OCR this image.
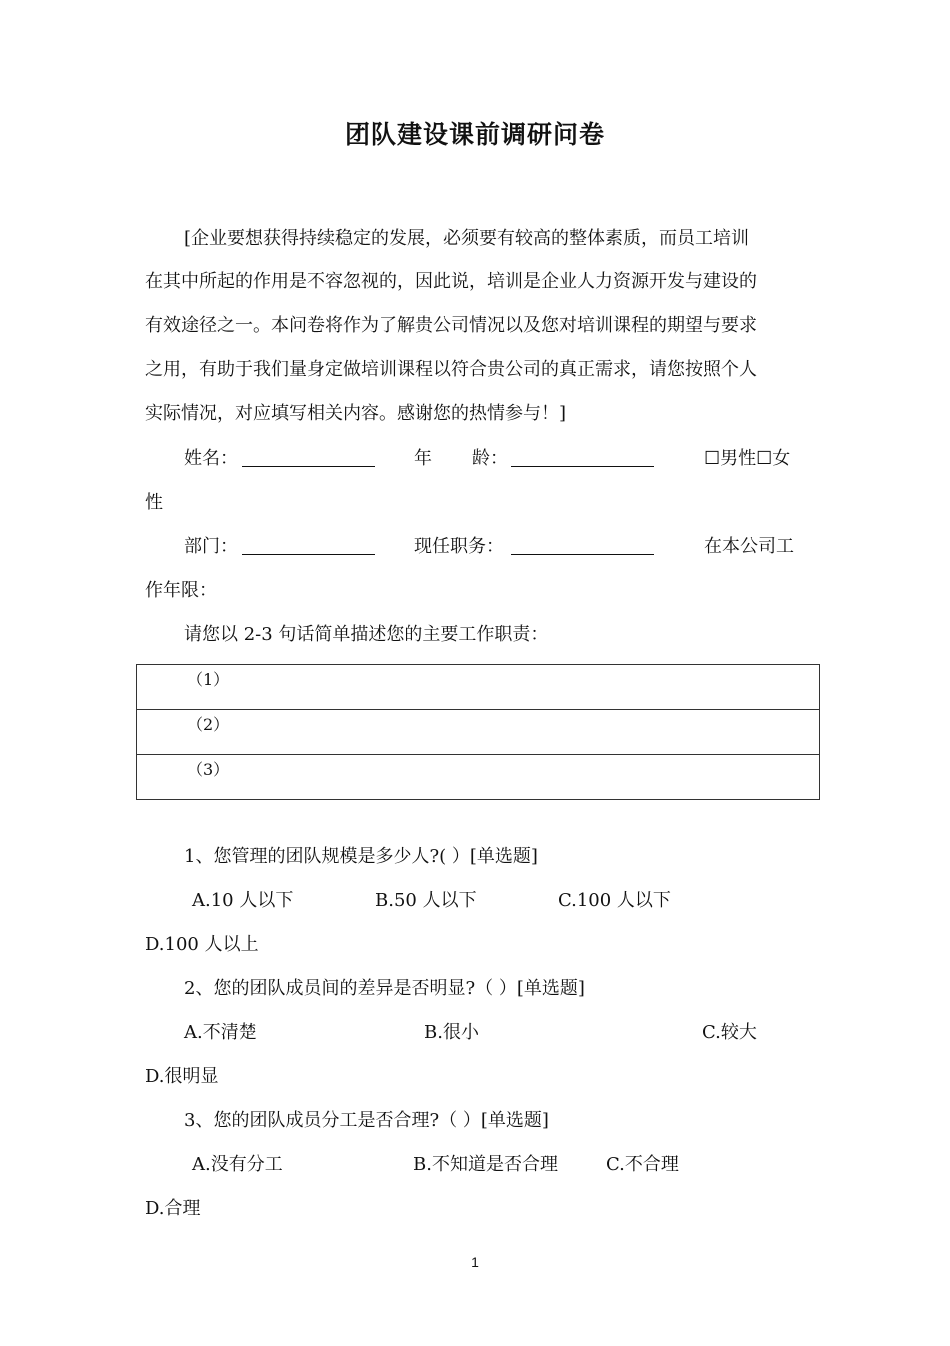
团队建设课前调研问卷
[企业要想获得持续稳定的发展，必须要有较高的整体素质，而员工培训
在其中所起的作用是不容忽视的，因此说，培训是企业人力资源开发与建设的
有效途径之一。本问卷将作为了解贵公司情况以及您对培训课程的期望与要求
之用，有助于我们量身定做培训课程以符合贵公司的真正需求，请您按照个人
实际情况，对应填写相关内容。感谢您的热情参与！]
姓名：	年 龄：	☐男性☐女
性
部门：	现任职务：	在本公司工
作年限：
请您以 2-3 句话简单描述您的主要工作职责：
（1）
（2）
（3）
1、您管理的团队规模是多少人?( ）[单选题]
A.10 人以下	B.50 人以下	C.100 人以下
D.100 人以上
2、您的团队成员间的差异是否明显?（ ）[单选题]
A.不清楚	B.很小	C.较大
D.很明显
3、您的团队成员分工是否合理?（ ）[单选题]
A.没有分工	B.不知道是否合理	C.不合理
D.合理
1
